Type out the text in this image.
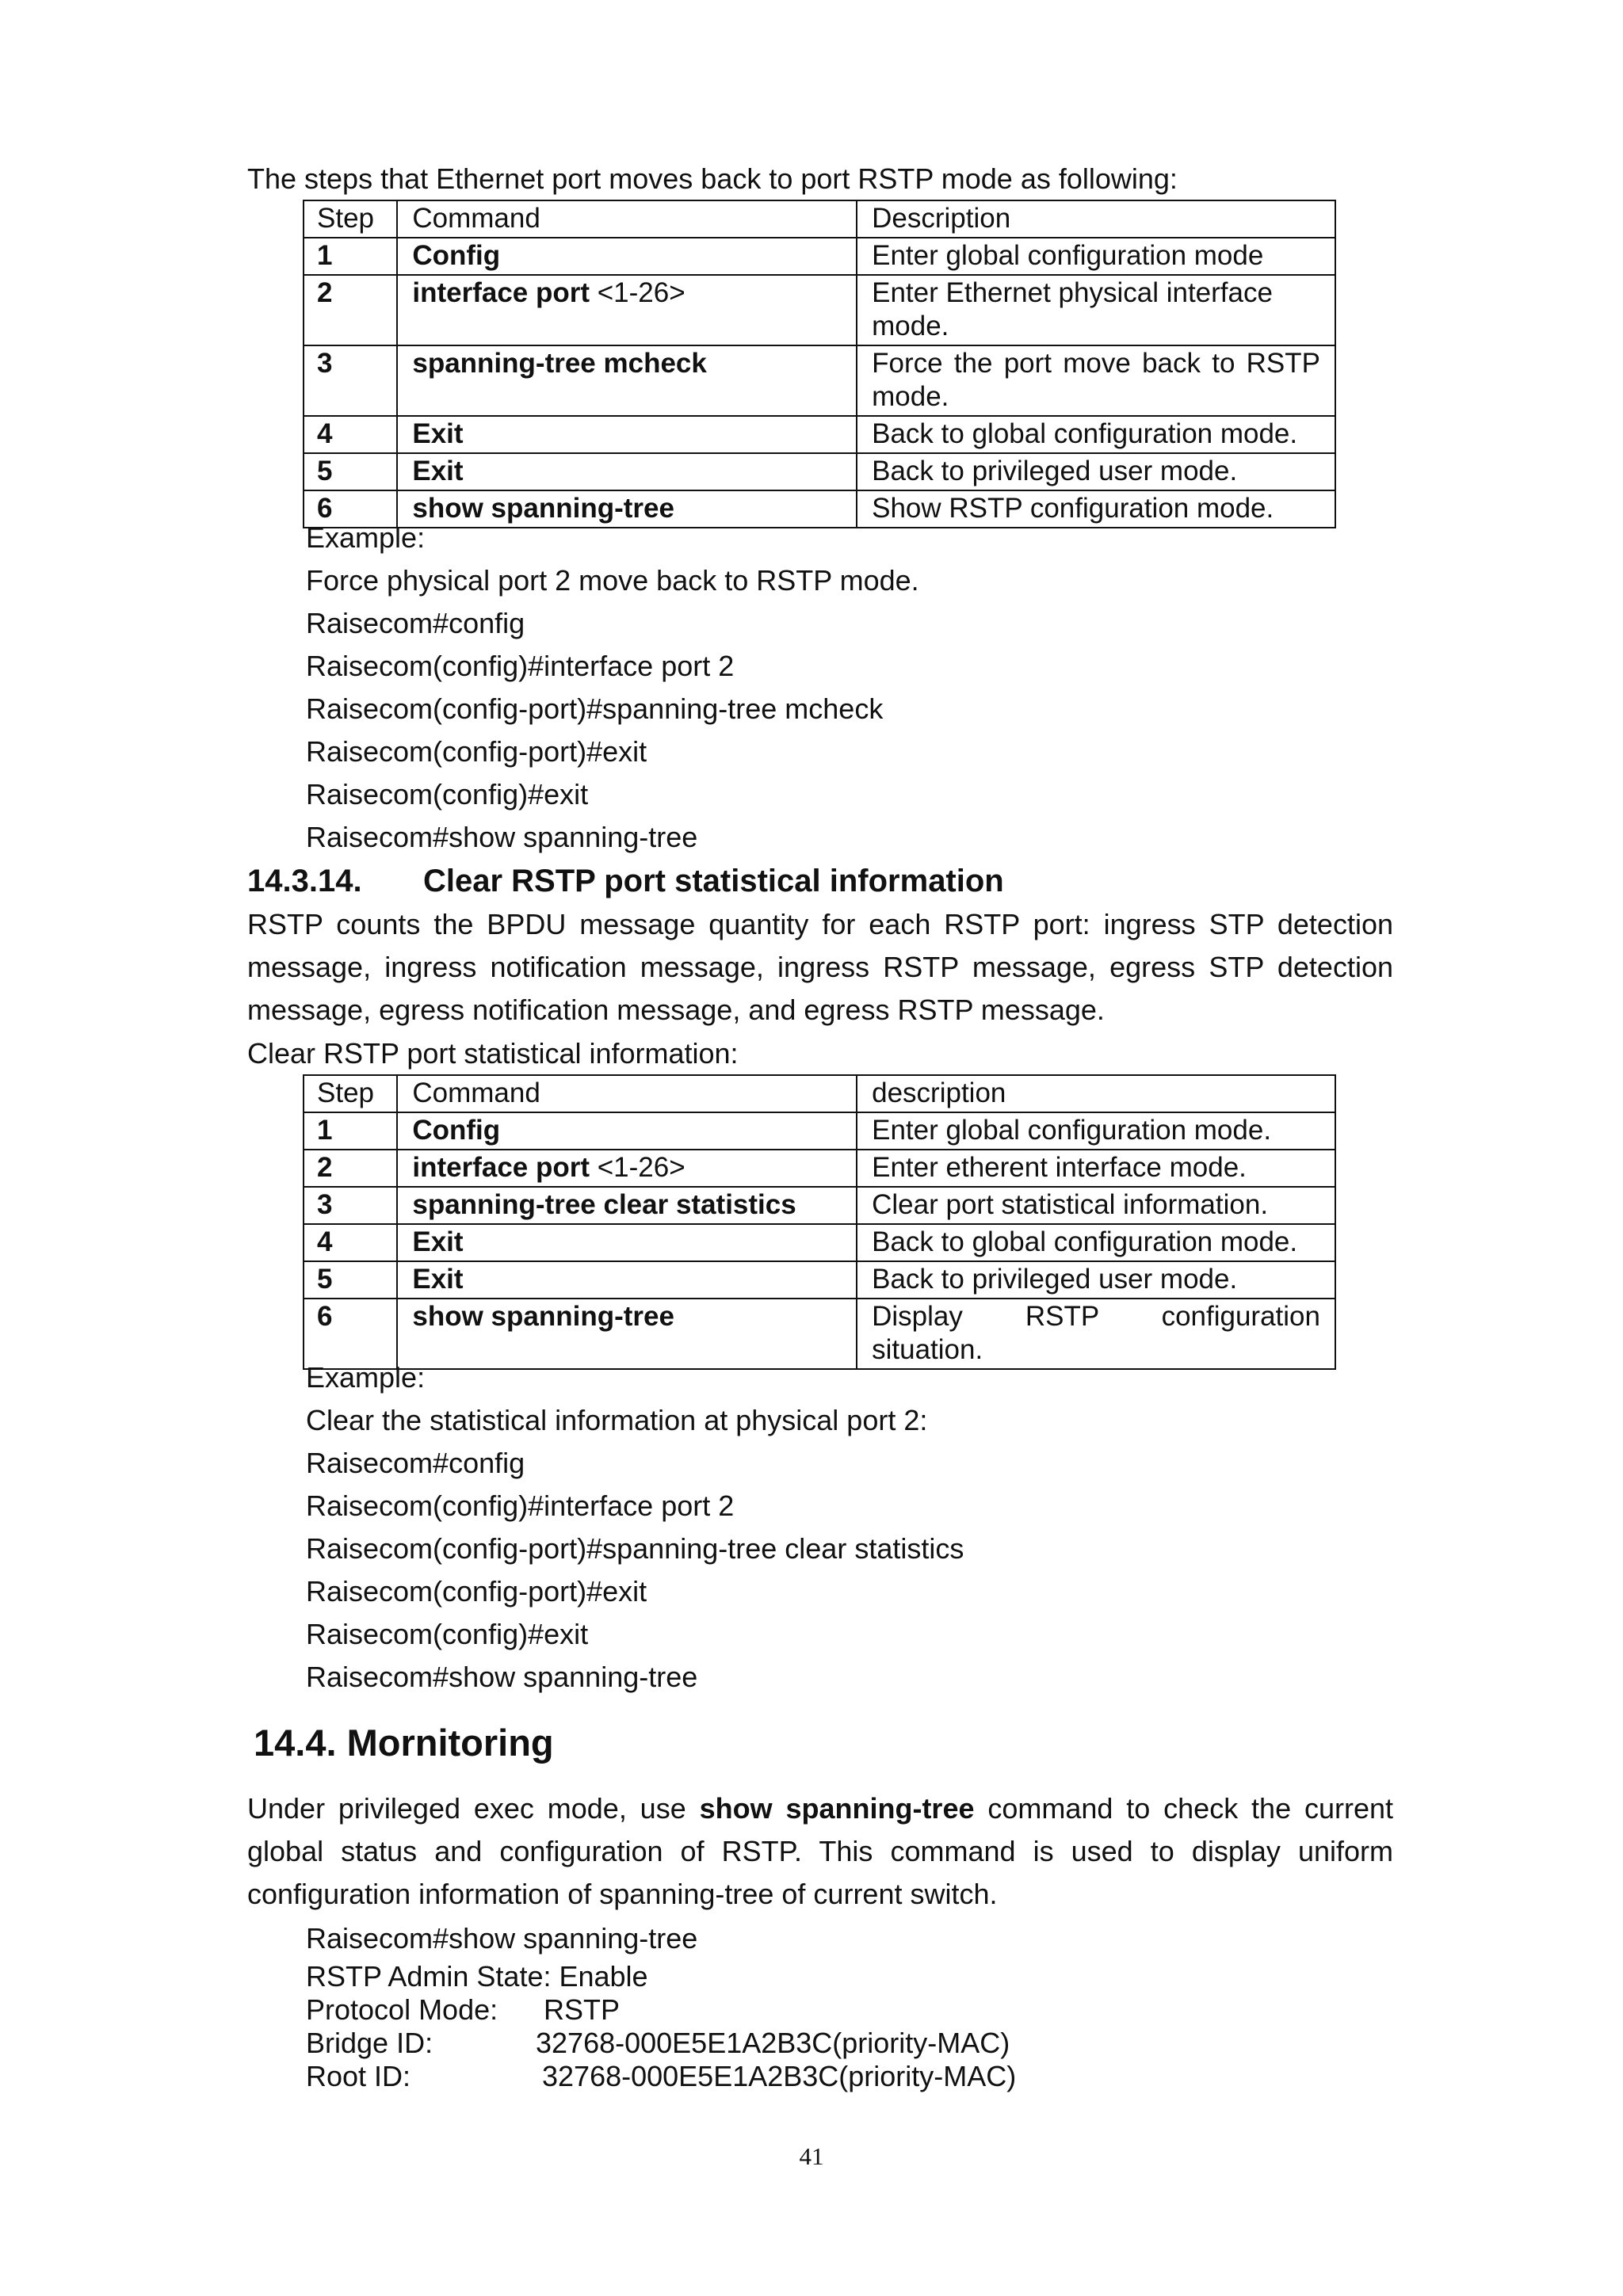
The steps that Ethernet port moves back to port RSTP mode as following:
Step	Command	Description
1	Config	Enter global configuration mode
2	interface port <1-26>	Enter Ethernet physical interface mode.
3	spanning-tree mcheck	Force the port move back to RSTP mode.
4	Exit	Back to global configuration mode.
5	Exit	Back to privileged user mode.
6	show spanning-tree	Show RSTP configuration mode.
Example:
Force physical port 2 move back to RSTP mode.
Raisecom#config
Raisecom(config)#interface port 2
Raisecom(config-port)#spanning-tree mcheck
Raisecom(config-port)#exit
Raisecom(config)#exit
Raisecom#show spanning-tree
14.3.14. Clear RSTP port statistical information
RSTP counts the BPDU message quantity for each RSTP port: ingress STP detection
message, ingress notification message, ingress RSTP message, egress STP detection
message, egress notification message, and egress RSTP message.
Clear RSTP port statistical information:
Step	Command	description
1	Config	Enter global configuration mode.
2	interface port <1-26>	Enter etherent interface mode.
3	spanning-tree clear statistics	Clear port statistical information.
4	Exit	Back to global configuration mode.
5	Exit	Back to privileged user mode.
6	show spanning-tree	Display RSTP configuration situation.
Example:
Clear the statistical information at physical port 2:
Raisecom#config
Raisecom(config)#interface port 2
Raisecom(config-port)#spanning-tree clear statistics
Raisecom(config-port)#exit
Raisecom(config)#exit
Raisecom#show spanning-tree
14.4. Mornitoring
Under privileged exec mode, use show spanning-tree command to check the current
global status and configuration of RSTP. This command is used to display uniform
configuration information of spanning-tree of current switch.
Raisecom#show spanning-tree
RSTP Admin State: Enable
Protocol Mode: RSTP
Bridge ID:	32768-000E5E1A2B3C(priority-MAC)
Root ID:	32768-000E5E1A2B3C(priority-MAC)
41
